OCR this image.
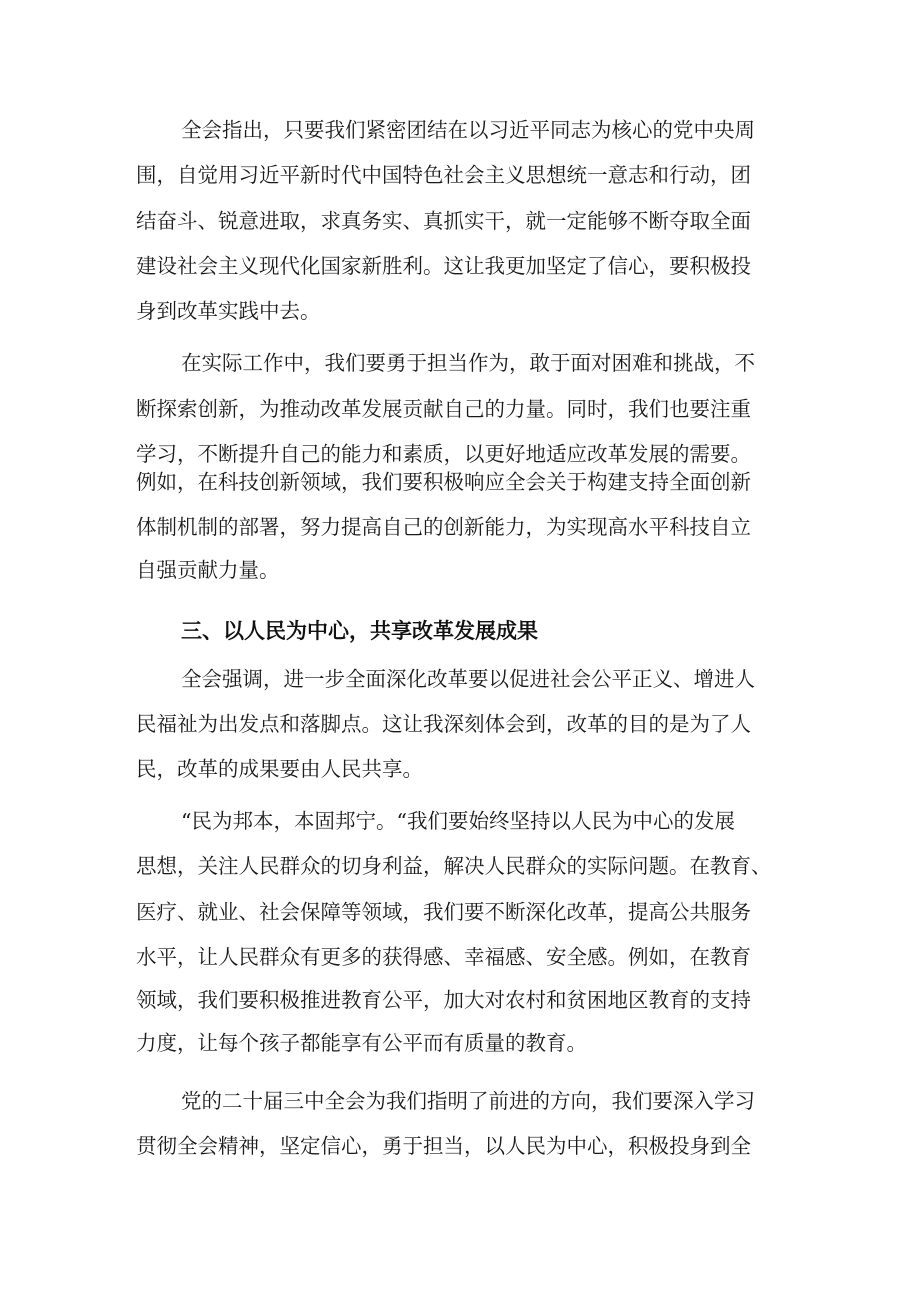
全会指出，只要我们紧密团结在以习近平同志为核心的党中央周
围，自觉用习近平新时代中国特色社会主义思想统一意志和行动，团
结奋斗、锐意进取，求真务实、真抓实干，就一定能够不断夺取全面
建设社会主义现代化国家新胜利。这让我更加坚定了信心，要积极投
身到改革实践中去。
在实际工作中，我们要勇于担当作为，敢于面对困难和挑战，不
断探索创新，为推动改革发展贡献自己的力量。同时，我们也要注重
学习，不断提升自己的能力和素质，以更好地适应改革发展的需要。
例如，在科技创新领域，我们要积极响应全会关于构建支持全面创新
体制机制的部署，努力提高自己的创新能力，为实现高水平科技自立
自强贡献力量。
三、以人民为中心，共享改革发展成果
全会强调，进一步全面深化改革要以促进社会公平正义、增进人
民福祉为出发点和落脚点。这让我深刻体会到，改革的目的是为了人
民，改革的成果要由人民共享。
“民为邦本，本固邦宁。“我们要始终坚持以人民为中心的发展
思想，关注人民群众的切身利益，解决人民群众的实际问题。在教育、
医疗、就业、社会保障等领域，我们要不断深化改革，提高公共服务
水平，让人民群众有更多的获得感、幸福感、安全感。例如，在教育
领域，我们要积极推进教育公平，加大对农村和贫困地区教育的支持
力度，让每个孩子都能享有公平而有质量的教育。
党的二十届三中全会为我们指明了前进的方向，我们要深入学习
贯彻全会精神，坚定信心，勇于担当，以人民为中心，积极投身到全
